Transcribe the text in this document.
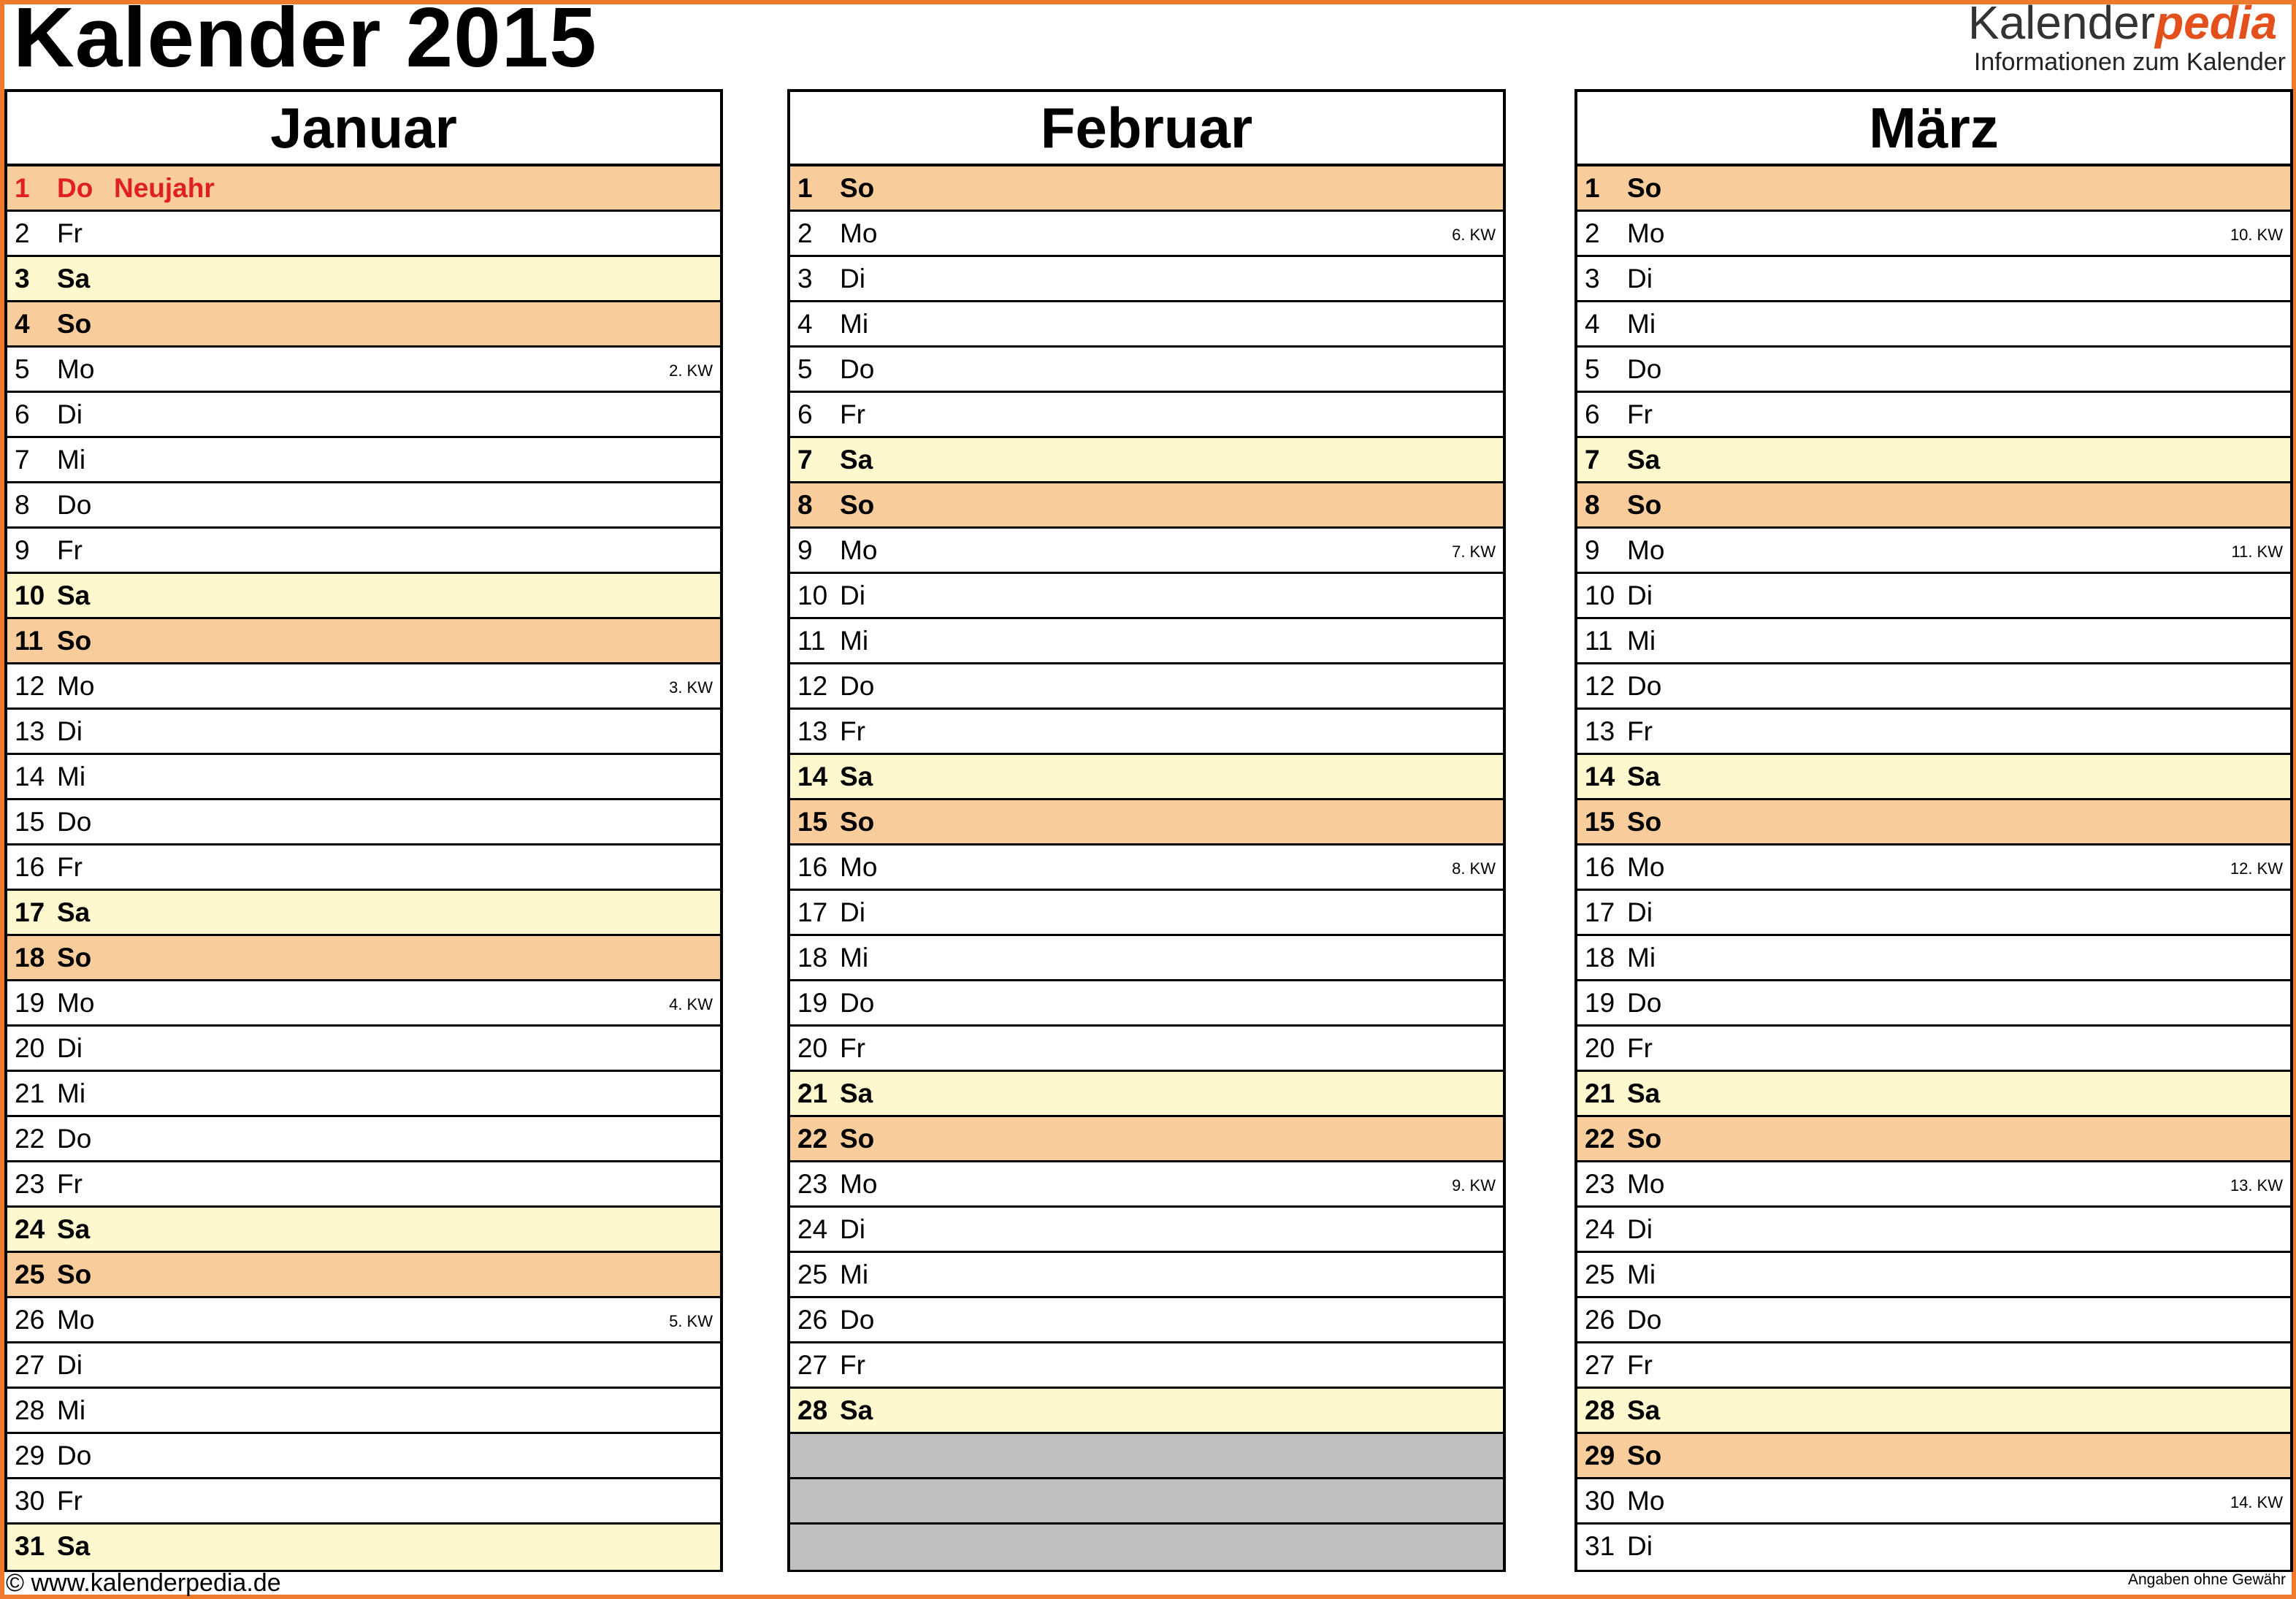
Kalender 2015	Kalenderpedia
Informationen zum Kalender
Januar
1 Do Neujahr
2 Fr
3 Sa
4 So
5 Mo	2. KW
6 Di
7 Mi
8 Do
9 Fr
10 Sa
11 So
12 Mo	3. KW
13 Di
14 Mi
15 Do
16 Fr
17 Sa
18 So
19 Mo	4. KW
20 Di
21 Mi
22 Do
23 Fr
24 Sa
25 So
26 Mo	5. KW
27 Di
28 Mi
29 Do
30 Fr
31 Sa
Februar
1 So
2 Mo	6. KW
3 Di
4 Mi
5 Do
6 Fr
7 Sa
8 So
9 Mo	7. KW
10 Di
11 Mi
12 Do
13 Fr
14 Sa
15 So
16 Mo	8. KW
17 Di
18 Mi
19 Do
20 Fr
21 Sa
22 So
23 Mo	9. KW
24 Di
25 Mi
26 Do
27 Fr
28 Sa
März
1 So
2 Mo	10. KW
3 Di
4 Mi
5 Do
6 Fr
7 Sa
8 So
9 Mo	11. KW
10 Di
11 Mi
12 Do
13 Fr
14 Sa
15 So
16 Mo	12. KW
17 Di
18 Mi
19 Do
20 Fr
21 Sa
22 So
23 Mo	13. KW
24 Di
25 Mi
26 Do
27 Fr
28 Sa
29 So
30 Mo	14. KW
31 Di
© www.kalenderpedia.de	Angaben ohne Gewähr
